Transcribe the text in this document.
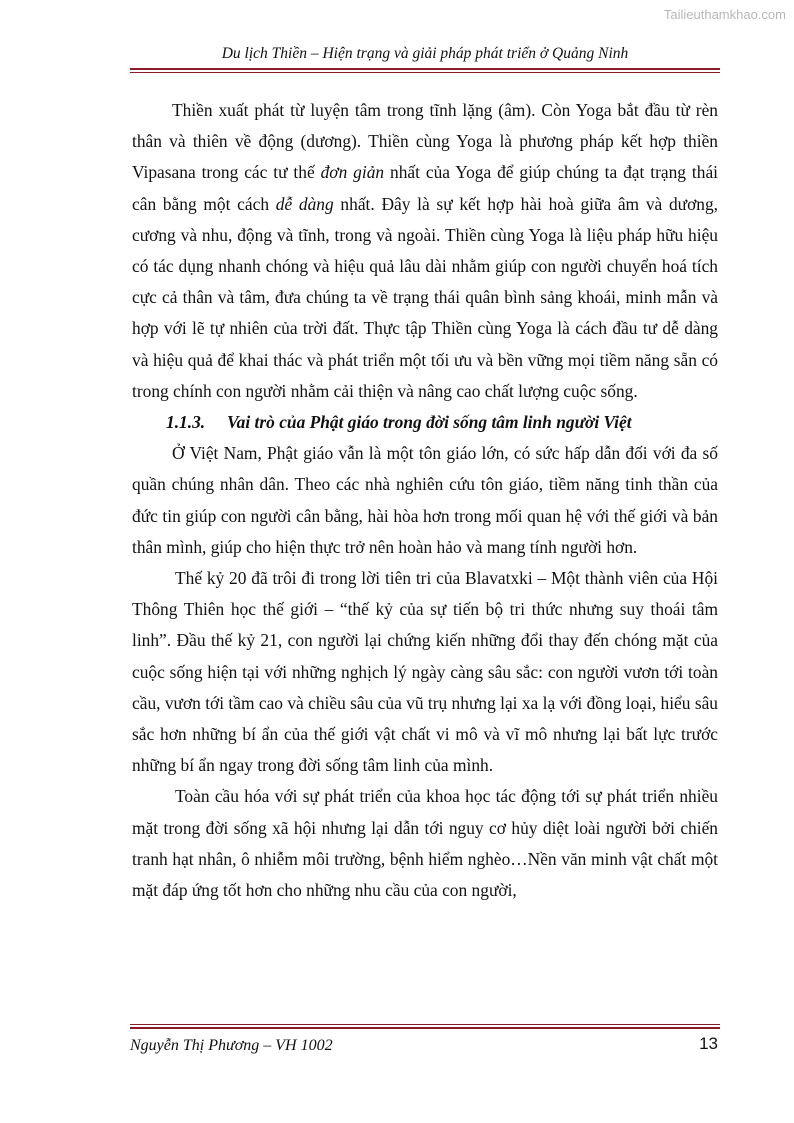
Tailieuthamkhao.com
Du lịch Thiền – Hiện trạng và giải pháp phát triển ở Quảng Ninh

Thiền xuất phát từ luyện tâm trong tĩnh lặng (âm). Còn Yoga bắt đầu từ rèn thân và thiên về động (dương). Thiền cùng Yoga là phương pháp kết hợp thiền Vipasana trong các tư thế đơn giản nhất của Yoga để giúp chúng ta đạt trạng thái cân bằng một cách dễ dàng nhất. Đây là sự kết hợp hài hoà giữa âm và dương, cương và nhu, động và tĩnh, trong và ngoài. Thiền cùng Yoga là liệu pháp hữu hiệu có tác dụng nhanh chóng và hiệu quả lâu dài nhằm giúp con người chuyển hoá tích cực cả thân và tâm, đưa chúng ta về trạng thái quân bình sảng khoái, minh mẫn và hợp với lẽ tự nhiên của trời đất. Thực tập Thiền cùng Yoga là cách đầu tư dễ dàng và hiệu quả để khai thác và phát triển một tối ưu và bền vững mọi tiềm năng sẵn có trong chính con người nhằm cải thiện và nâng cao chất lượng cuộc sống.

1.1.3. Vai trò của Phật giáo trong đời sống tâm linh người Việt

Ở Việt Nam, Phật giáo vẫn là một tôn giáo lớn, có sức hấp dẫn đối với đa số quần chúng nhân dân. Theo các nhà nghiên cứu tôn giáo, tiềm năng tinh thần của đức tin giúp con người cân bằng, hài hòa hơn trong mối quan hệ với thế giới và bản thân mình, giúp cho hiện thực trở nên hoàn hảo và mang tính người hơn.

Thế kỷ 20 đã trôi đi trong lời tiên tri của Blavatxki – Một thành viên của Hội Thông Thiên học thế giới – “thế kỷ của sự tiến bộ tri thức nhưng suy thoái tâm linh”. Đầu thế kỷ 21, con người lại chứng kiến những đổi thay đến chóng mặt của cuộc sống hiện tại với những nghịch lý ngày càng sâu sắc: con người vươn tới toàn cầu, vươn tới tầm cao và chiều sâu của vũ trụ nhưng lại xa lạ với đồng loại, hiểu sâu sắc hơn những bí ẩn của thế giới vật chất vi mô và vĩ mô nhưng lại bất lực trước những bí ẩn ngay trong đời sống tâm linh của mình.

Toàn cầu hóa với sự phát triển của khoa học tác động tới sự phát triển nhiều mặt trong đời sống xã hội nhưng lại dẫn tới nguy cơ hủy diệt loài người bởi chiến tranh hạt nhân, ô nhiễm môi trường, bệnh hiểm nghèo…Nền văn minh vật chất một mặt đáp ứng tốt hơn cho những nhu cầu của con người,

Nguyễn Thị Phương – VH 1002	13
